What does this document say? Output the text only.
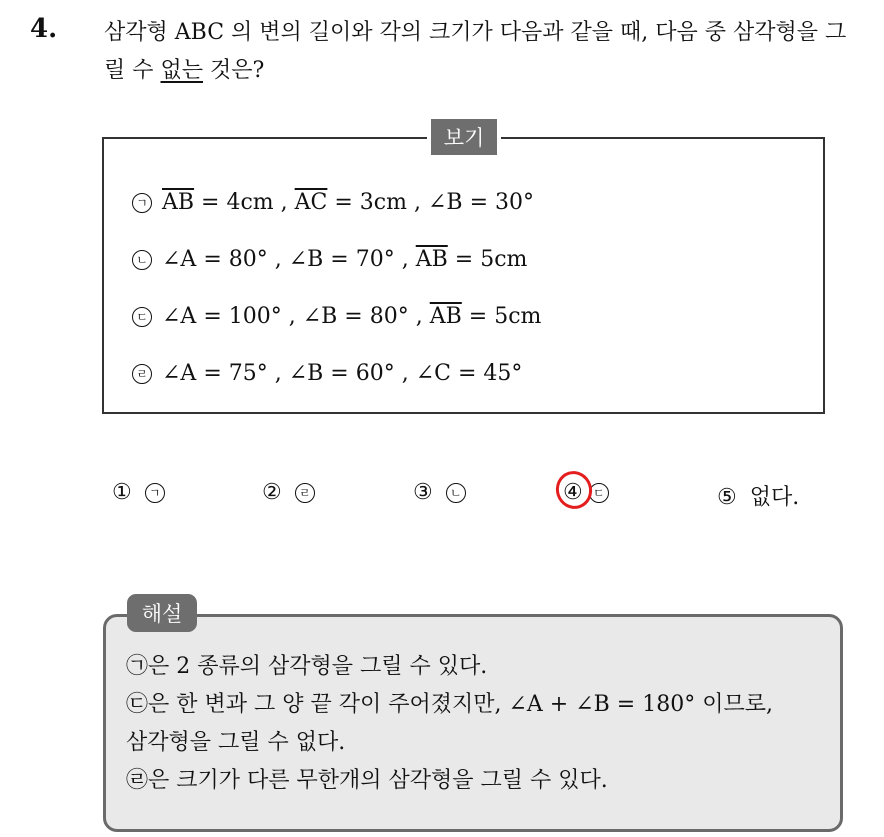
4. 삼각형 ABC 의 변의 길이와 각의 크기가 다음과 같을 때, 다음 중 삼각형을 그릴 수 없는 것은?
보기
ㄱ $\overline{AB} = 4cm$ , $\overline{AC} = 3cm$ , ∠B = 30°
ㄴ ∠A = 80° , ∠B = 70° , $\overline{AB} = 5cm$
ㄷ ∠A = 100° , ∠B = 80° , $\overline{AB} = 5cm$
ㄹ ∠A = 75° , ∠B = 60° , ∠C = 45°
① ㄱ	② ㄹ	③ ㄴ	④ ㄷ	⑤ 없다.
해설
㉠은 2 종류의 삼각형을 그릴 수 있다.
㉢은 한 변과 그 양 끝 각이 주어졌지만, ∠A + ∠B = 180° 이므로,
삼각형을 그릴 수 없다.
㉣은 크기가 다른 무한개의 삼각형을 그릴 수 있다.
